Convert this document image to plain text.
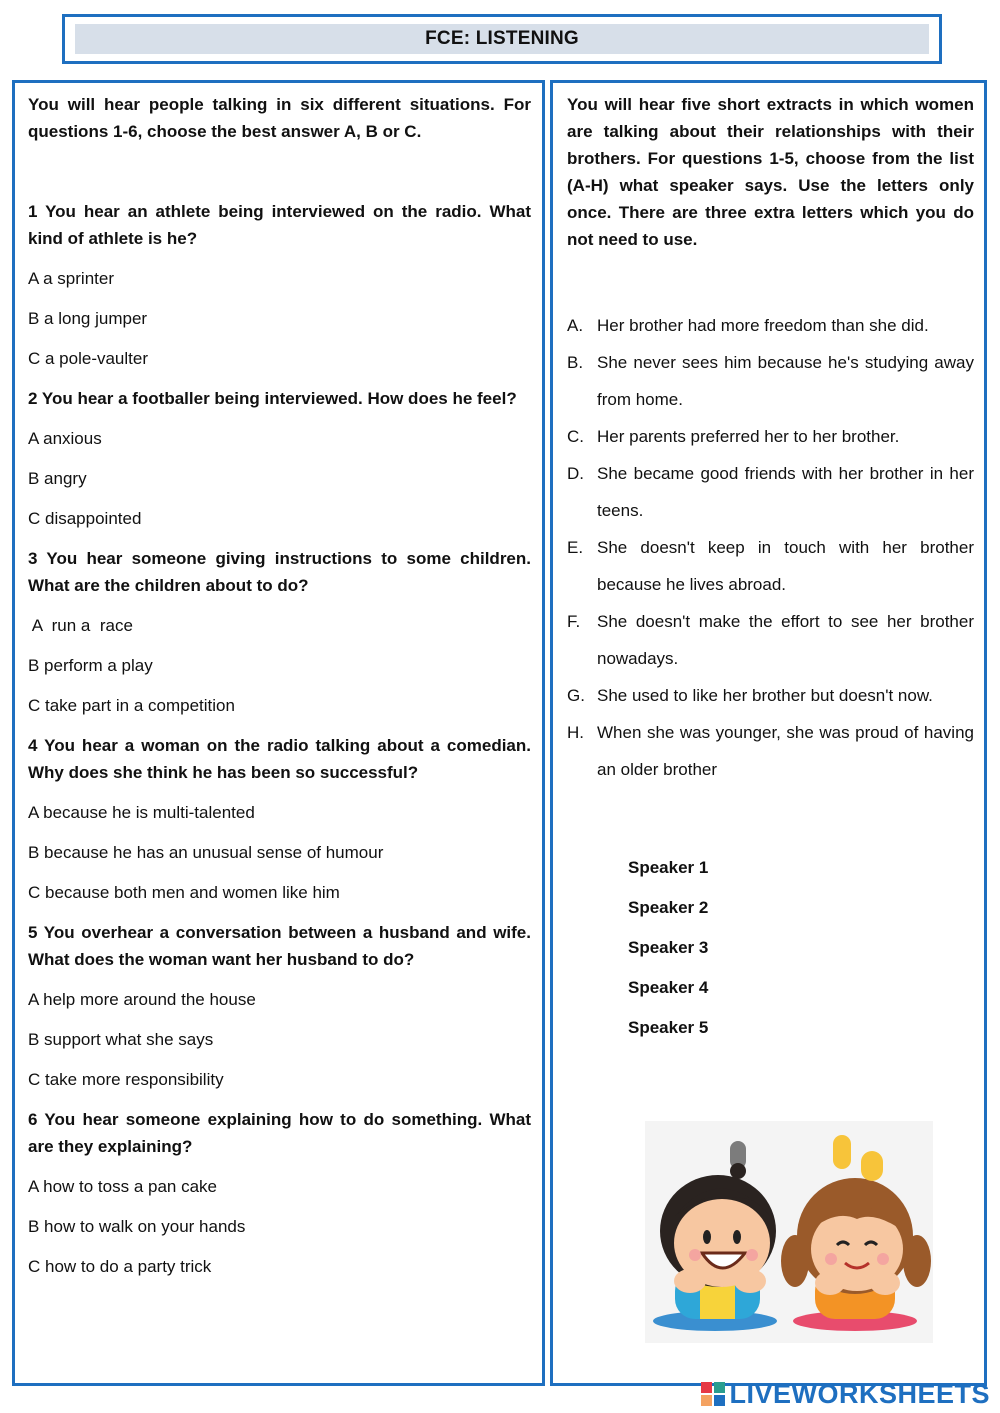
FCE: LISTENING
You will hear people talking in six different situations. For questions 1-6, choose the best answer A, B or C.
1 You hear an athlete being interviewed on the radio. What kind of athlete is he?
A a sprinter
B a long jumper
C a pole-vaulter
2 You hear a footballer being interviewed. How does he feel?
A anxious
B angry
C disappointed
3 You hear someone giving instructions to some children. What are the children about to do?
A  run a  race
B perform a play
C take part in a competition
4 You hear a woman on the radio talking about a comedian. Why does she think he has been so successful?
A because he is multi-talented
B because he has an unusual sense of humour
C because both men and women like him
5 You overhear a conversation between a husband and wife. What does the woman want her husband to do?
A help more around the house
B support what she says
C take more responsibility
6 You hear someone explaining how to do something. What are they explaining?
A how to toss a pan cake
B how to walk on your hands
C how to do a party trick
You will hear five short extracts in which women are talking about their relationships with their brothers. For questions 1-5, choose from the list (A-H) what speaker says. Use the letters only once. There are three extra letters which you do not need to use.
A. Her brother had more freedom than she did.
B. She never sees him because he's studying away from home.
C. Her parents preferred her to her brother.
D. She became good friends with her brother in her teens.
E. She doesn't keep in touch with her brother because he lives abroad.
F. She doesn't make the effort to see her brother nowadays.
G. She used to like her brother but doesn't now.
H. When she was younger, she was proud of having an older brother
Speaker 1
Speaker 2
Speaker 3
Speaker 4
Speaker 5
LIVEWORKSHEETS
